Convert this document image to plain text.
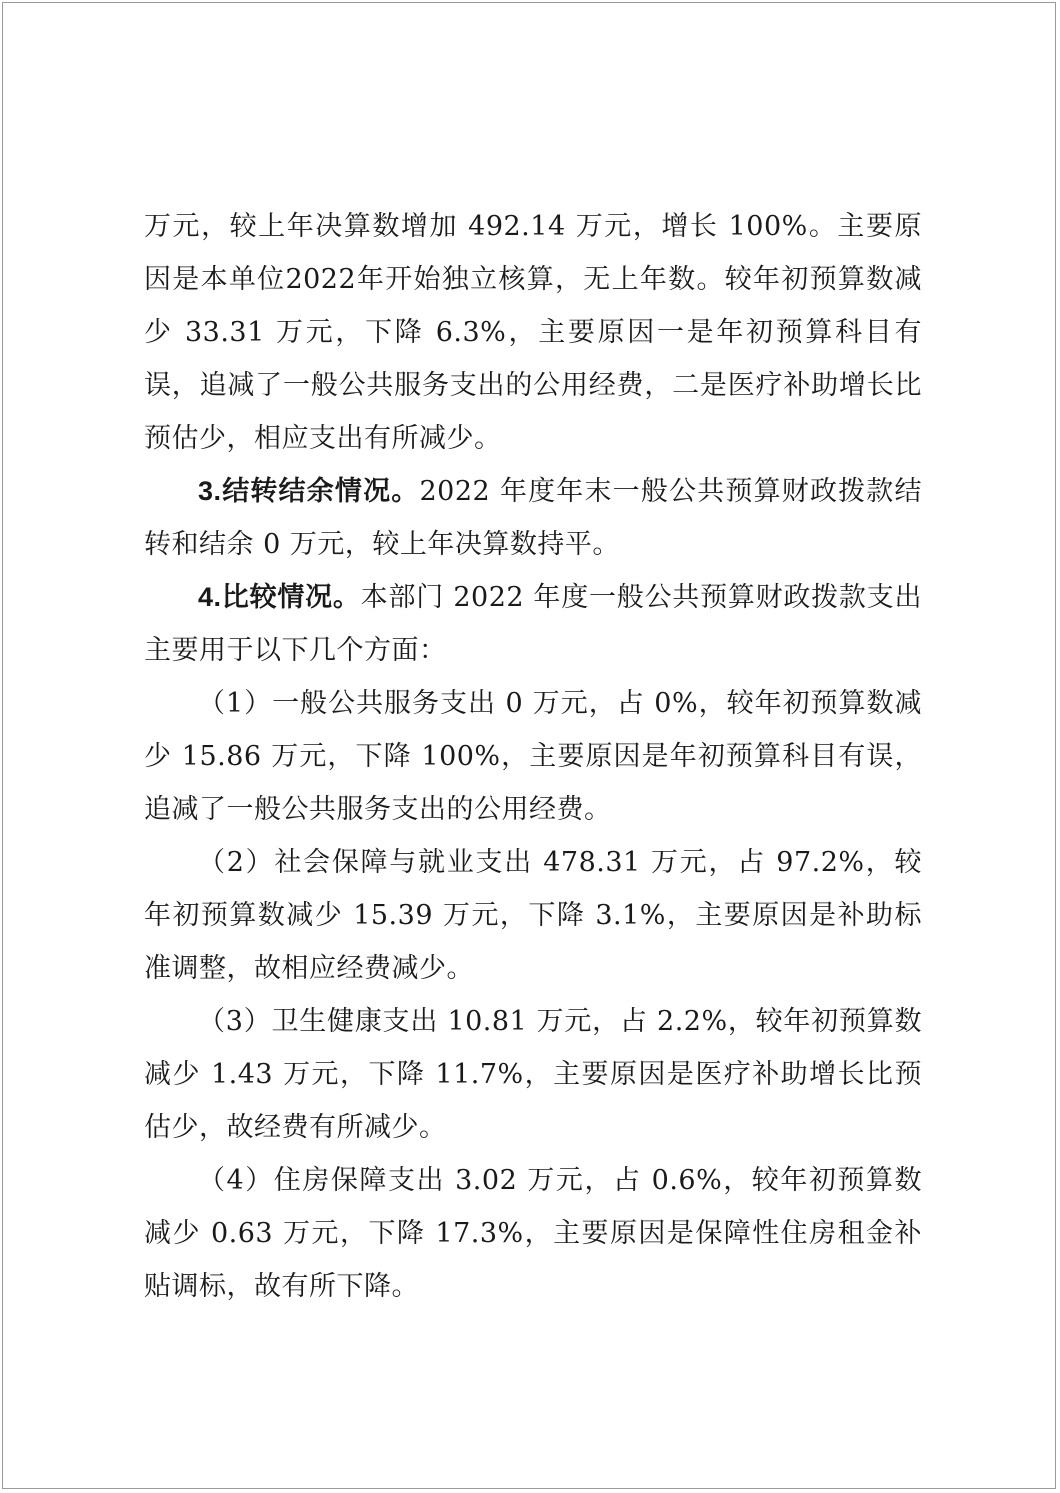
万元，较上年决算数增加 492.14 万元，增长 100%。主要原因是本单位2022年开始独立核算，无上年数。较年初预算数减少 33.31 万元，下降 6.3%，主要原因一是年初预算科目有误，追减了一般公共服务支出的公用经费，二是医疗补助增长比预估少，相应支出有所减少。

3.结转结余情况。2022 年度年末一般公共预算财政拨款结转和结余 0 万元，较上年决算数持平。

4.比较情况。本部门 2022 年度一般公共预算财政拨款支出主要用于以下几个方面：

（1）一般公共服务支出 0 万元，占 0%，较年初预算数减少 15.86 万元，下降 100%，主要原因是年初预算科目有误，追减了一般公共服务支出的公用经费。

（2）社会保障与就业支出 478.31 万元，占 97.2%，较年初预算数减少 15.39 万元，下降 3.1%，主要原因是补助标准调整，故相应经费减少。

（3）卫生健康支出 10.81 万元，占 2.2%，较年初预算数减少 1.43 万元，下降 11.7%，主要原因是医疗补助增长比预估少，故经费有所减少。

（4）住房保障支出 3.02 万元，占 0.6%，较年初预算数减少 0.63 万元，下降 17.3%，主要原因是保障性住房租金补贴调标，故有所下降。
